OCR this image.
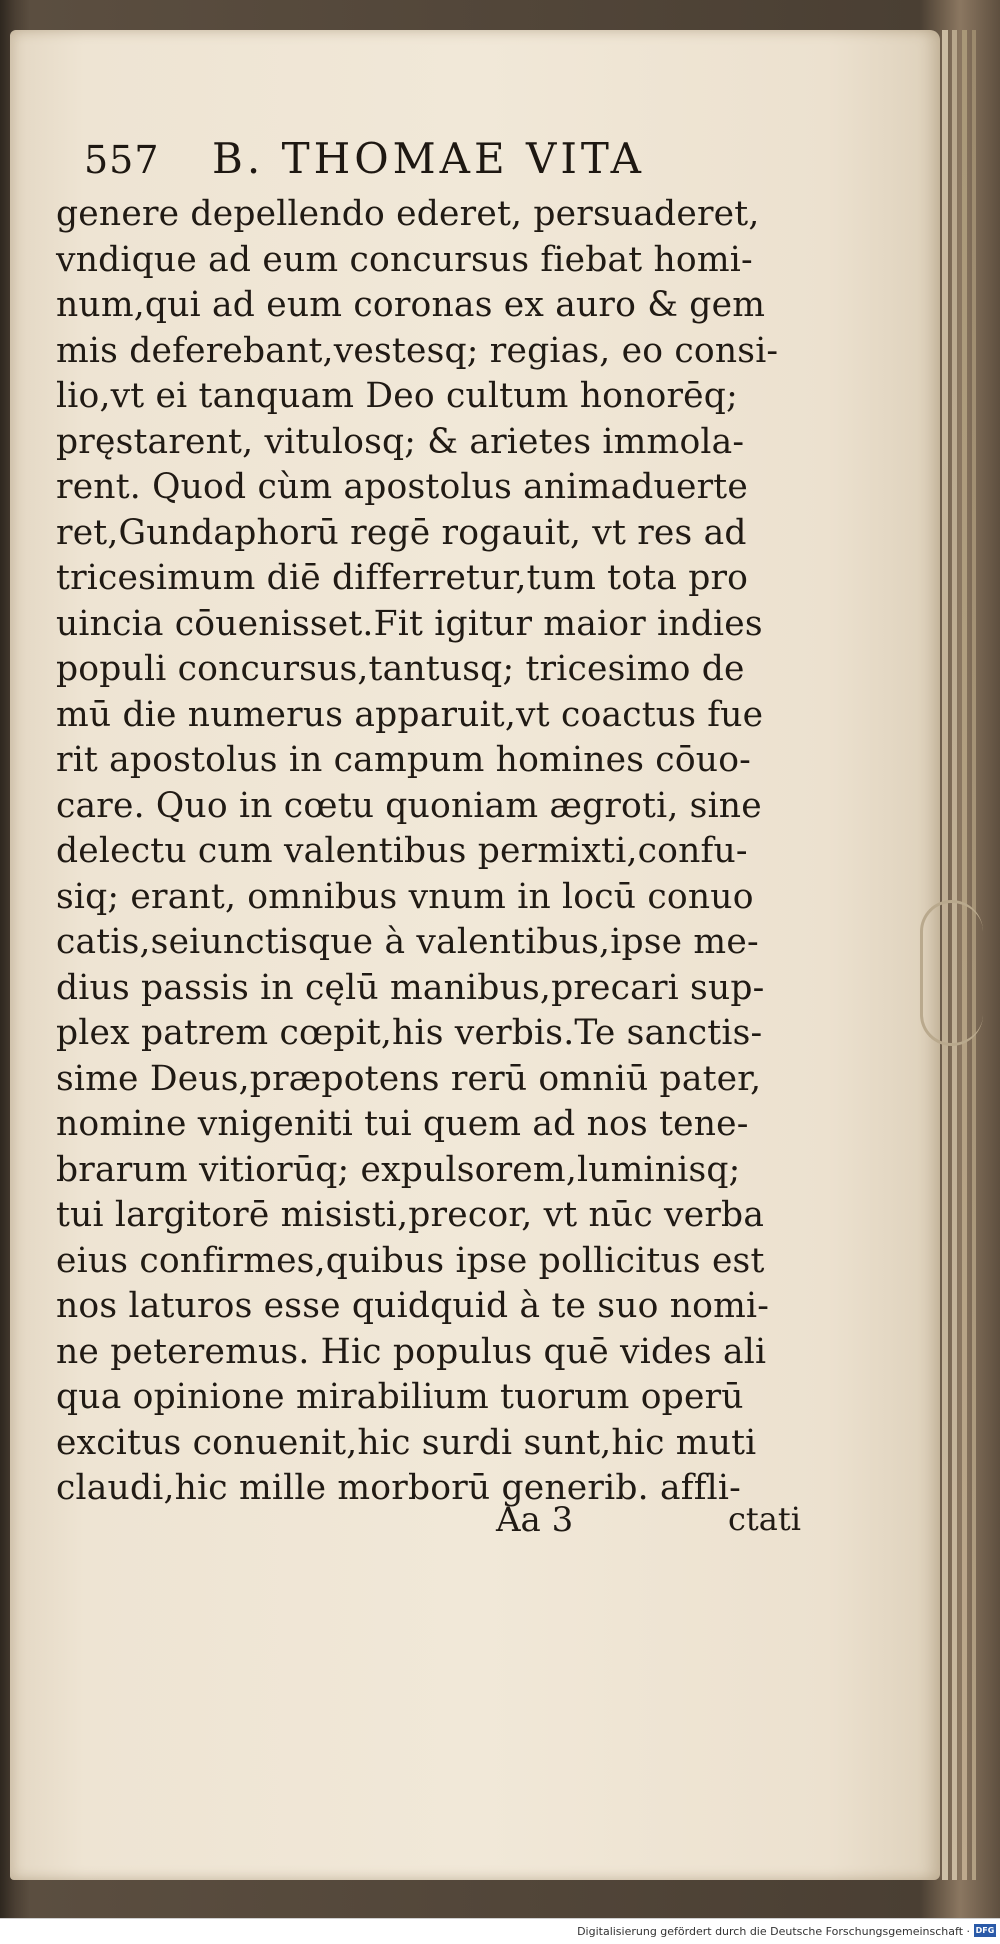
557 B. THOMAE VITA
genere depellendo ederet, persuaderet,
vndique ad eum concursus fiebat homi-
num,qui ad eum coronas ex auro & gem
mis deferebant,vestesq; regias, eo consi-
lio,vt ei tanquam Deo cultum honorēq;
pręstarent, vitulosq; & arietes immola-
rent. Quod cùm apostolus animaduerte
ret,Gundaphorū regē rogauit, vt res ad
tricesimum diē differretur,tum tota pro
uincia cōuenisset.Fit igitur maior indies
populi concursus,tantusq; tricesimo de
mū die numerus apparuit,vt coactus fue
rit apostolus in campum homines cōuo-
care. Quo in cœtu quoniam ægroti, sine
delectu cum valentibus permixti,confu-
siq; erant, omnibus vnum in locū conuo
catis,seiunctisque à valentibus,ipse me-
dius passis in cęlū manibus,precari sup-
plex patrem cœpit,his verbis.Te sanctis-
sime Deus,præpotens rerū omniū pater,
nomine vnigeniti tui quem ad nos tene-
brarum vitiorūq; expulsorem,luminisq;
tui largitorē misisti,precor, vt nūc verba
eius confirmes,quibus ipse pollicitus est
nos laturos esse quidquid à te suo nomi-
ne peteremus. Hic populus quē vides ali
qua opinione mirabilium tuorum operū
excitus conuenit,hic surdi sunt,hic muti
claudi,hic mille morborū generib. affli-
Aa 3	ctati
Digitalisierung gefördert durch die Deutsche Forschungsgemeinschaft · DFG
